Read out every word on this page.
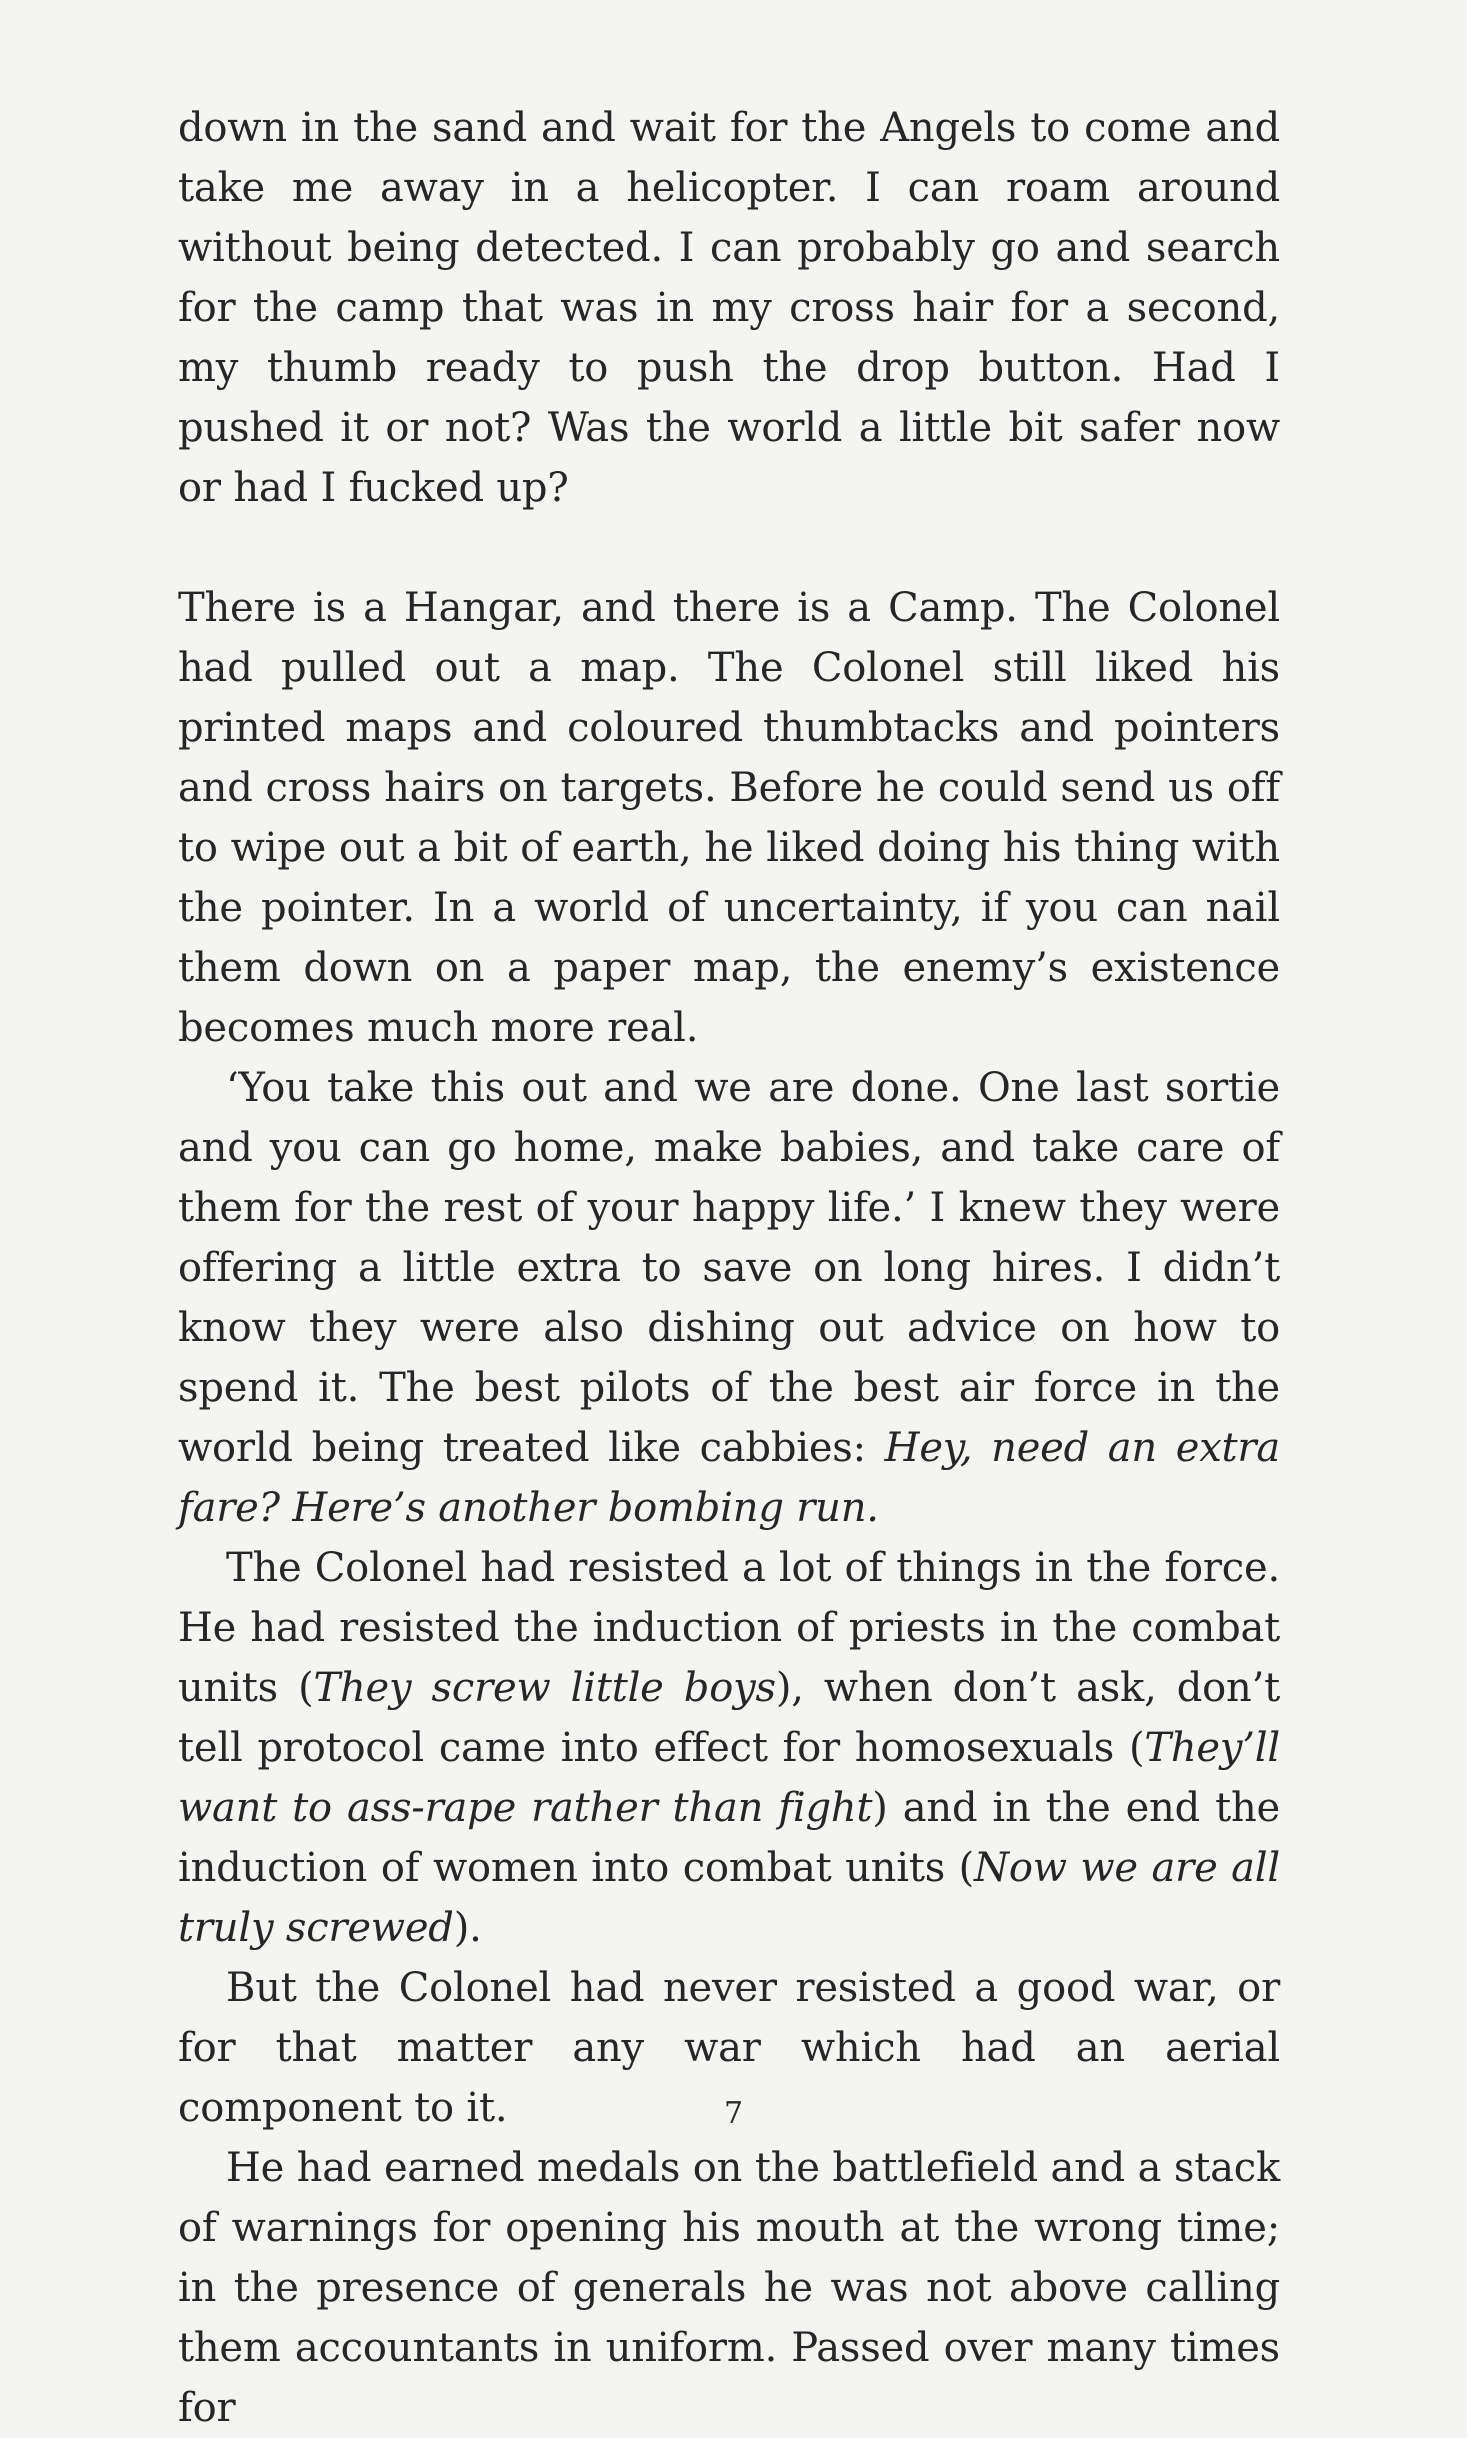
down in the sand and wait for the Angels to come and take me away in a helicopter. I can roam around without being detected. I can probably go and search for the camp that was in my cross hair for a second, my thumb ready to push the drop button. Had I pushed it or not? Was the world a little bit safer now or had I fucked up?

There is a Hangar, and there is a Camp. The Colonel had pulled out a map. The Colonel still liked his printed maps and coloured thumbtacks and pointers and cross hairs on targets. Before he could send us off to wipe out a bit of earth, he liked doing his thing with the pointer. In a world of uncertainty, if you can nail them down on a paper map, the enemy’s existence becomes much more real.

‘You take this out and we are done. One last sortie and you can go home, make babies, and take care of them for the rest of your happy life.’ I knew they were offering a little extra to save on long hires. I didn’t know they were also dishing out advice on how to spend it. The best pilots of the best air force in the world being treated like cabbies: Hey, need an extra fare? Here’s another bombing run.

The Colonel had resisted a lot of things in the force. He had resisted the induction of priests in the combat units (They screw little boys), when don’t ask, don’t tell protocol came into effect for homosexuals (They’ll want to ass-rape rather than fight) and in the end the induction of women into combat units (Now we are all truly screwed).

But the Colonel had never resisted a good war, or for that matter any war which had an aerial component to it.

He had earned medals on the battlefield and a stack of warnings for opening his mouth at the wrong time; in the presence of generals he was not above calling them accountants in uniform. Passed over many times for

7
